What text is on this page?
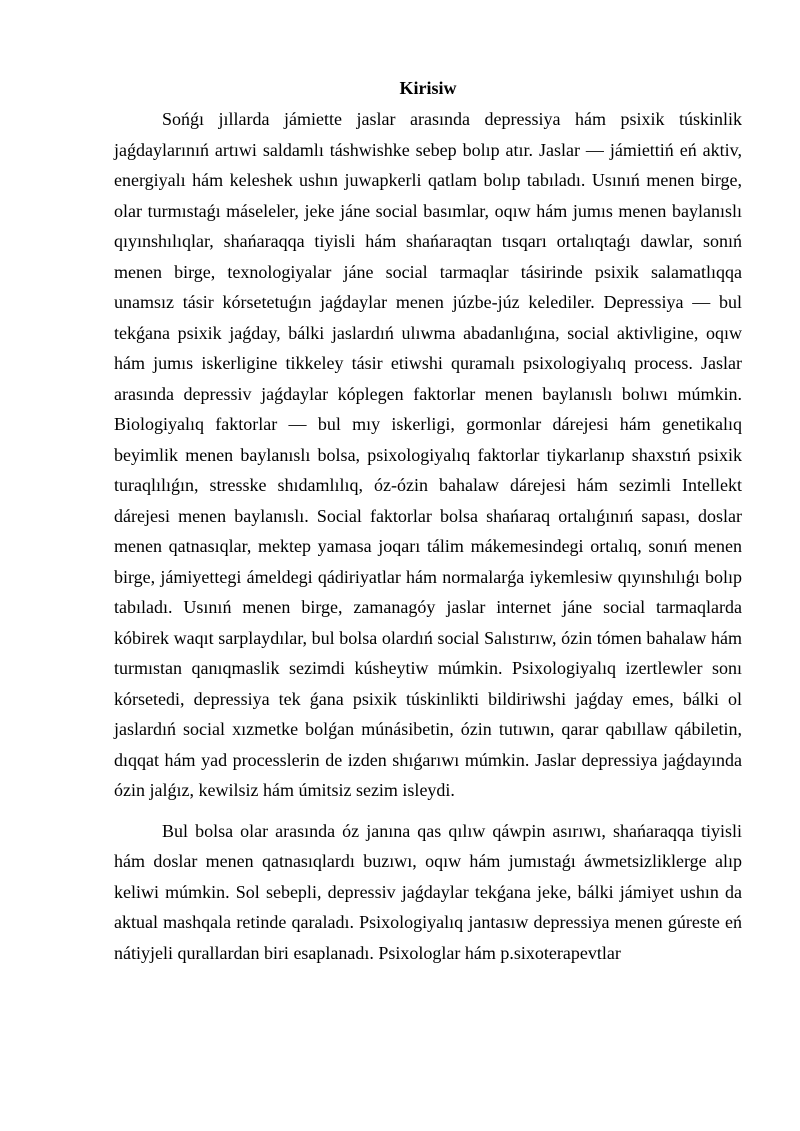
Kirisiw

Sońǵı jıllarda jámiette jaslar arasında depressiya hám psixik túskinlik jaǵdaylarınıń artıwi saldamlı táshwishke sebep bolıp atır. Jaslar — jámiettiń eń aktiv, energiyalı hám keleshek ushın juwapkerli qatlam bolıp tabıladı. Usınıń menen birge, olar turmıstaǵı máseleler, jeke jáne social basımlar, oqıw hám jumıs menen baylanıslı qıyınshılıqlar, shańaraqqa tiyisli hám shańaraqtan tısqarı ortalıqtaǵı dawlar, sonıń menen birge, texnologiyalar jáne social tarmaqlar tásirinde psixik salamatlıqqa unamsız tásir kórsetetuǵın jaǵdaylar menen júzbe-júz kelediler. Depressiya — bul tekǵana psixik jaǵday, bálki jaslardıń ulıwma abadanlıǵına, social aktivligine, oqıw hám jumıs iskerligine tikkeley tásir etiwshi quramalı psixologiyalıq process. Jaslar arasında depressiv jaǵdaylar kóplegen faktorlar menen baylanıslı bolıwı múmkin. Biologiyalıq faktorlar — bul mıy iskerligi, gormonlar dárejesi hám genetikalıq beyimlik menen baylanıslı bolsa, psixologiyalıq faktorlar tiykarlanıp shaxstıń psixik turaqlılıǵın, stresske shıdamlılıq, óz-ózin bahalaw dárejesi hám sezimli Intellekt dárejesi menen baylanıslı. Social faktorlar bolsa shańaraq ortalıǵınıń sapası, doslar menen qatnasıqlar, mektep yamasa joqarı tálim mákemesindegi ortalıq, sonıń menen birge, jámiyettegi ámeldegi qádiriyatlar hám normalarǵa iykemlesiw qıyınshılıǵı bolıp tabıladı. Usınıń menen birge, zamanagóy jaslar internet jáne social tarmaqlarda kóbirek waqıt sarplaydılar, bul bolsa olardıń social Salıstırıw, ózin tómen bahalaw hám turmıstan qanıqmaslik sezimdi kúsheytiw múmkin. Psixologiyalıq izertlewler sonı kórsetedi, depressiya tek ǵana psixik túskinlikti bildiriwshi jaǵday emes, bálki ol jaslardıń social xızmetke bolǵan múnásibetin, ózin tutıwın, qarar qabıllaw qábiletin, dıqqat hám yad processlerin de izden shıǵarıwı múmkin. Jaslar depressiya jaǵdayında ózin jalǵız, kewilsiz hám úmitsiz sezim isleydi.

Bul bolsa olar arasında óz janına qas qılıw qáwpin asırıwı, shańaraqqa tiyisli hám doslar menen qatnasıqlardı buzıwı, oqıw hám jumıstaǵı áwmetsizliklerge alıp keliwi múmkin. Sol sebepli, depressiv jaǵdaylar tekǵana jeke, bálki jámiyet ushın da aktual mashqala retinde qaraladı. Psixologiyalıq jantasıw depressiya menen gúreste eń nátiyjeli qurallardan biri esaplanadı. Psixologlar hám p.sixoterapevtlar
